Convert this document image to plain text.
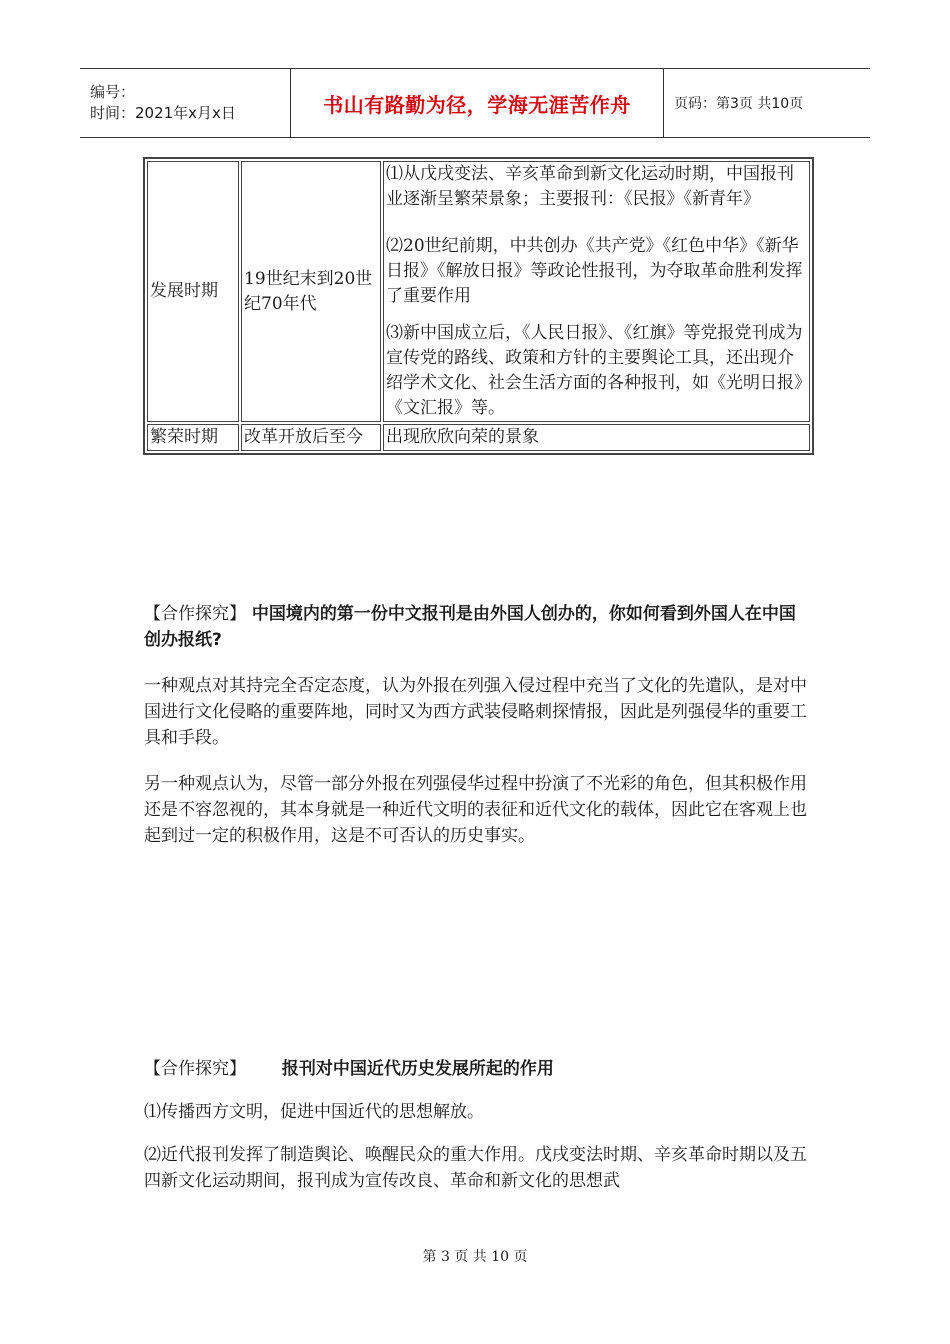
编号：
时间：2021年x月x日	书山有路勤为径，学海无涯苦作舟	页码：第3页 共10页
发展时期	19世纪末到20世纪70年代	⑴从戊戌变法、辛亥革命到新文化运动时期，中国报刊业逐渐呈繁荣景象；主要报刊：《民报》《新青年》

⑵20世纪前期，中共创办《共产党》《红色中华》《新华日报》《解放日报》等政论性报刊，为夺取革命胜利发挥了重要作用

⑶新中国成立后，《人民日报》、《红旗》等党报党刊成为宣传党的路线、政策和方针的主要舆论工具，还出现介绍学术文化、社会生活方面的各种报刊，如《光明日报》《文汇报》等。

繁荣时期	改革开放后至今	出现欣欣向荣的景象

【合作探究】 中国境内的第一份中文报刊是由外国人创办的，你如何看到外国人在中国创办报纸?

一种观点对其持完全否定态度，认为外报在列强入侵过程中充当了文化的先遣队，是对中国进行文化侵略的重要阵地，同时又为西方武装侵略刺探情报，因此是列强侵华的重要工具和手段。

另一种观点认为，尽管一部分外报在列强侵华过程中扮演了不光彩的角色，但其积极作用还是不容忽视的，其本身就是一种近代文明的表征和近代文化的载体，因此它在客观上也起到过一定的积极作用，这是不可否认的历史事实。

【合作探究】 报刊对中国近代历史发展所起的作用

⑴传播西方文明，促进中国近代的思想解放。

⑵近代报刊发挥了制造舆论、唤醒民众的重大作用。戊戌变法时期、辛亥革命时期以及五四新文化运动期间，报刊成为宣传改良、革命和新文化的思想武

第 3 页 共 10 页
